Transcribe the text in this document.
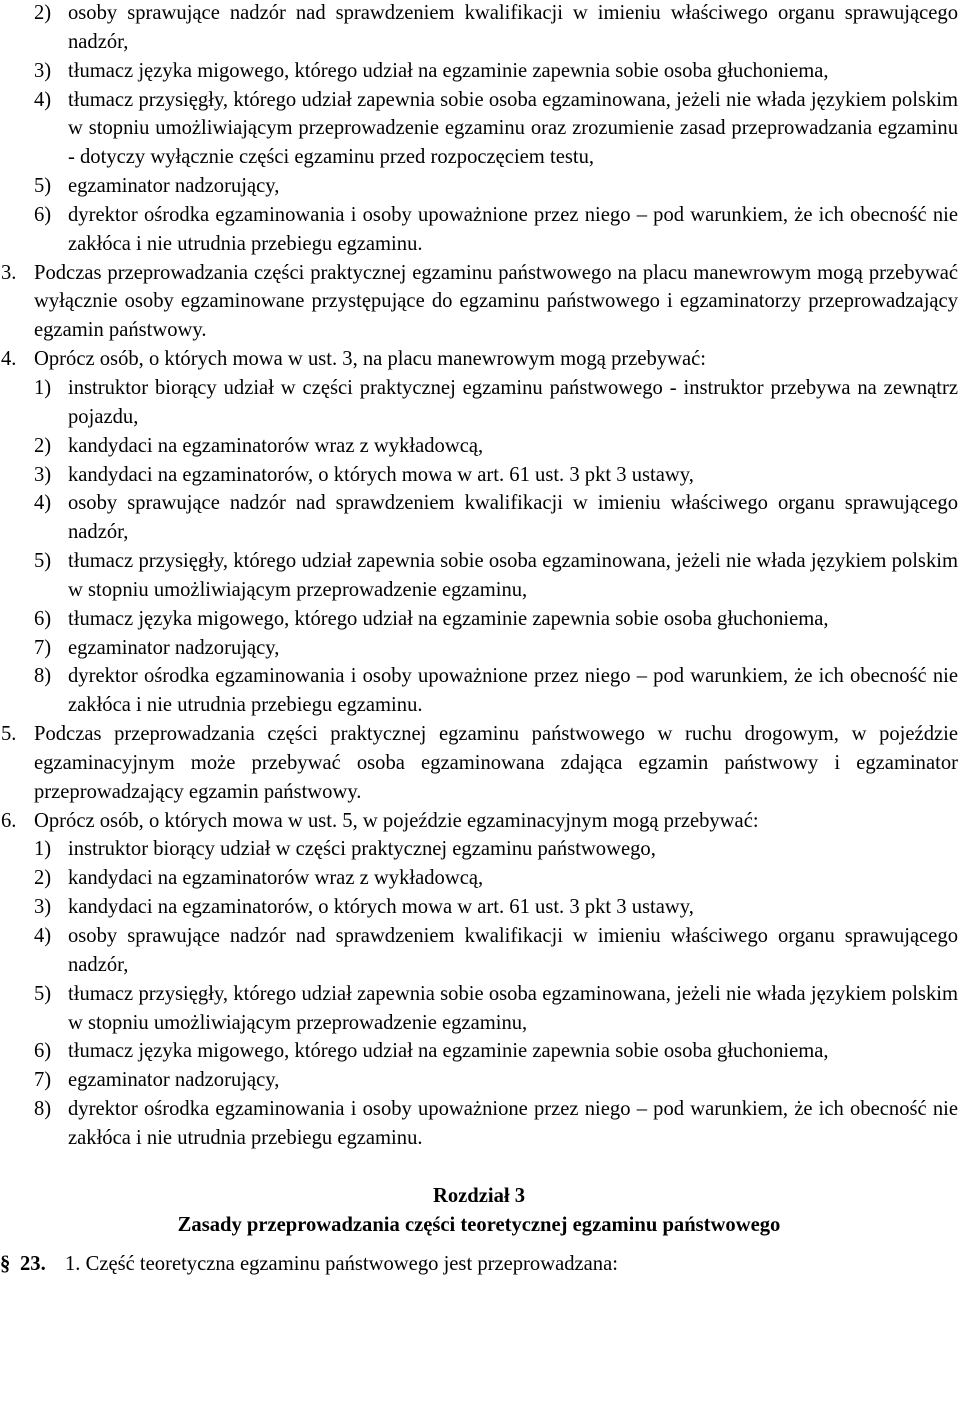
2) osoby sprawujące nadzór nad sprawdzeniem kwalifikacji w imieniu właściwego organu sprawującego nadzór,
3) tłumacz języka migowego, którego udział na egzaminie zapewnia sobie osoba głuchoniema,
4) tłumacz przysięgły, którego udział zapewnia sobie osoba egzaminowana, jeżeli nie włada językiem polskim w stopniu umożliwiającym przeprowadzenie egzaminu oraz zrozumienie zasad przeprowadzania egzaminu - dotyczy wyłącznie części egzaminu przed rozpoczęciem testu,
5) egzaminator nadzorujący,
6) dyrektor ośrodka egzaminowania i osoby upoważnione przez niego – pod warunkiem, że ich obecność nie zakłóca i nie utrudnia przebiegu egzaminu.
3. Podczas przeprowadzania części praktycznej egzaminu państwowego na placu manewrowym mogą przebywać wyłącznie osoby egzaminowane przystępujące do egzaminu państwowego i egzaminatorzy przeprowadzający egzamin państwowy.
4. Oprócz osób, o których mowa w ust. 3, na placu manewrowym mogą przebywać:
1) instruktor biorący udział w części praktycznej egzaminu państwowego - instruktor przebywa na zewnątrz pojazdu,
2) kandydaci na egzaminatorów wraz z wykładowcą,
3) kandydaci na egzaminatorów, o których mowa w art. 61 ust. 3 pkt 3 ustawy,
4) osoby sprawujące nadzór nad sprawdzeniem kwalifikacji w imieniu właściwego organu sprawującego nadzór,
5) tłumacz przysięgły, którego udział zapewnia sobie osoba egzaminowana, jeżeli nie włada językiem polskim w stopniu umożliwiającym przeprowadzenie egzaminu,
6) tłumacz języka migowego, którego udział na egzaminie zapewnia sobie osoba głuchoniema,
7) egzaminator nadzorujący,
8) dyrektor ośrodka egzaminowania i osoby upoważnione przez niego – pod warunkiem, że ich obecność nie zakłóca i nie utrudnia przebiegu egzaminu.
5. Podczas przeprowadzania części praktycznej egzaminu państwowego w ruchu drogowym, w pojeździe egzaminacyjnym może przebywać osoba egzaminowana zdająca egzamin państwowy i egzaminator przeprowadzający egzamin państwowy.
6. Oprócz osób, o których mowa w ust. 5, w pojeździe egzaminacyjnym mogą przebywać:
1) instruktor biorący udział w części praktycznej egzaminu państwowego,
2) kandydaci na egzaminatorów wraz z wykładowcą,
3) kandydaci na egzaminatorów, o których mowa w art. 61 ust. 3 pkt 3 ustawy,
4) osoby sprawujące nadzór nad sprawdzeniem kwalifikacji w imieniu właściwego organu sprawującego nadzór,
5) tłumacz przysięgły, którego udział zapewnia sobie osoba egzaminowana, jeżeli nie włada językiem polskim w stopniu umożliwiającym przeprowadzenie egzaminu,
6) tłumacz języka migowego, którego udział na egzaminie zapewnia sobie osoba głuchoniema,
7) egzaminator nadzorujący,
8) dyrektor ośrodka egzaminowania i osoby upoważnione przez niego – pod warunkiem, że ich obecność nie zakłóca i nie utrudnia przebiegu egzaminu.
Rozdział 3
Zasady przeprowadzania części teoretycznej egzaminu państwowego
§ 23. 1. Część teoretyczna egzaminu państwowego jest przeprowadzana:
